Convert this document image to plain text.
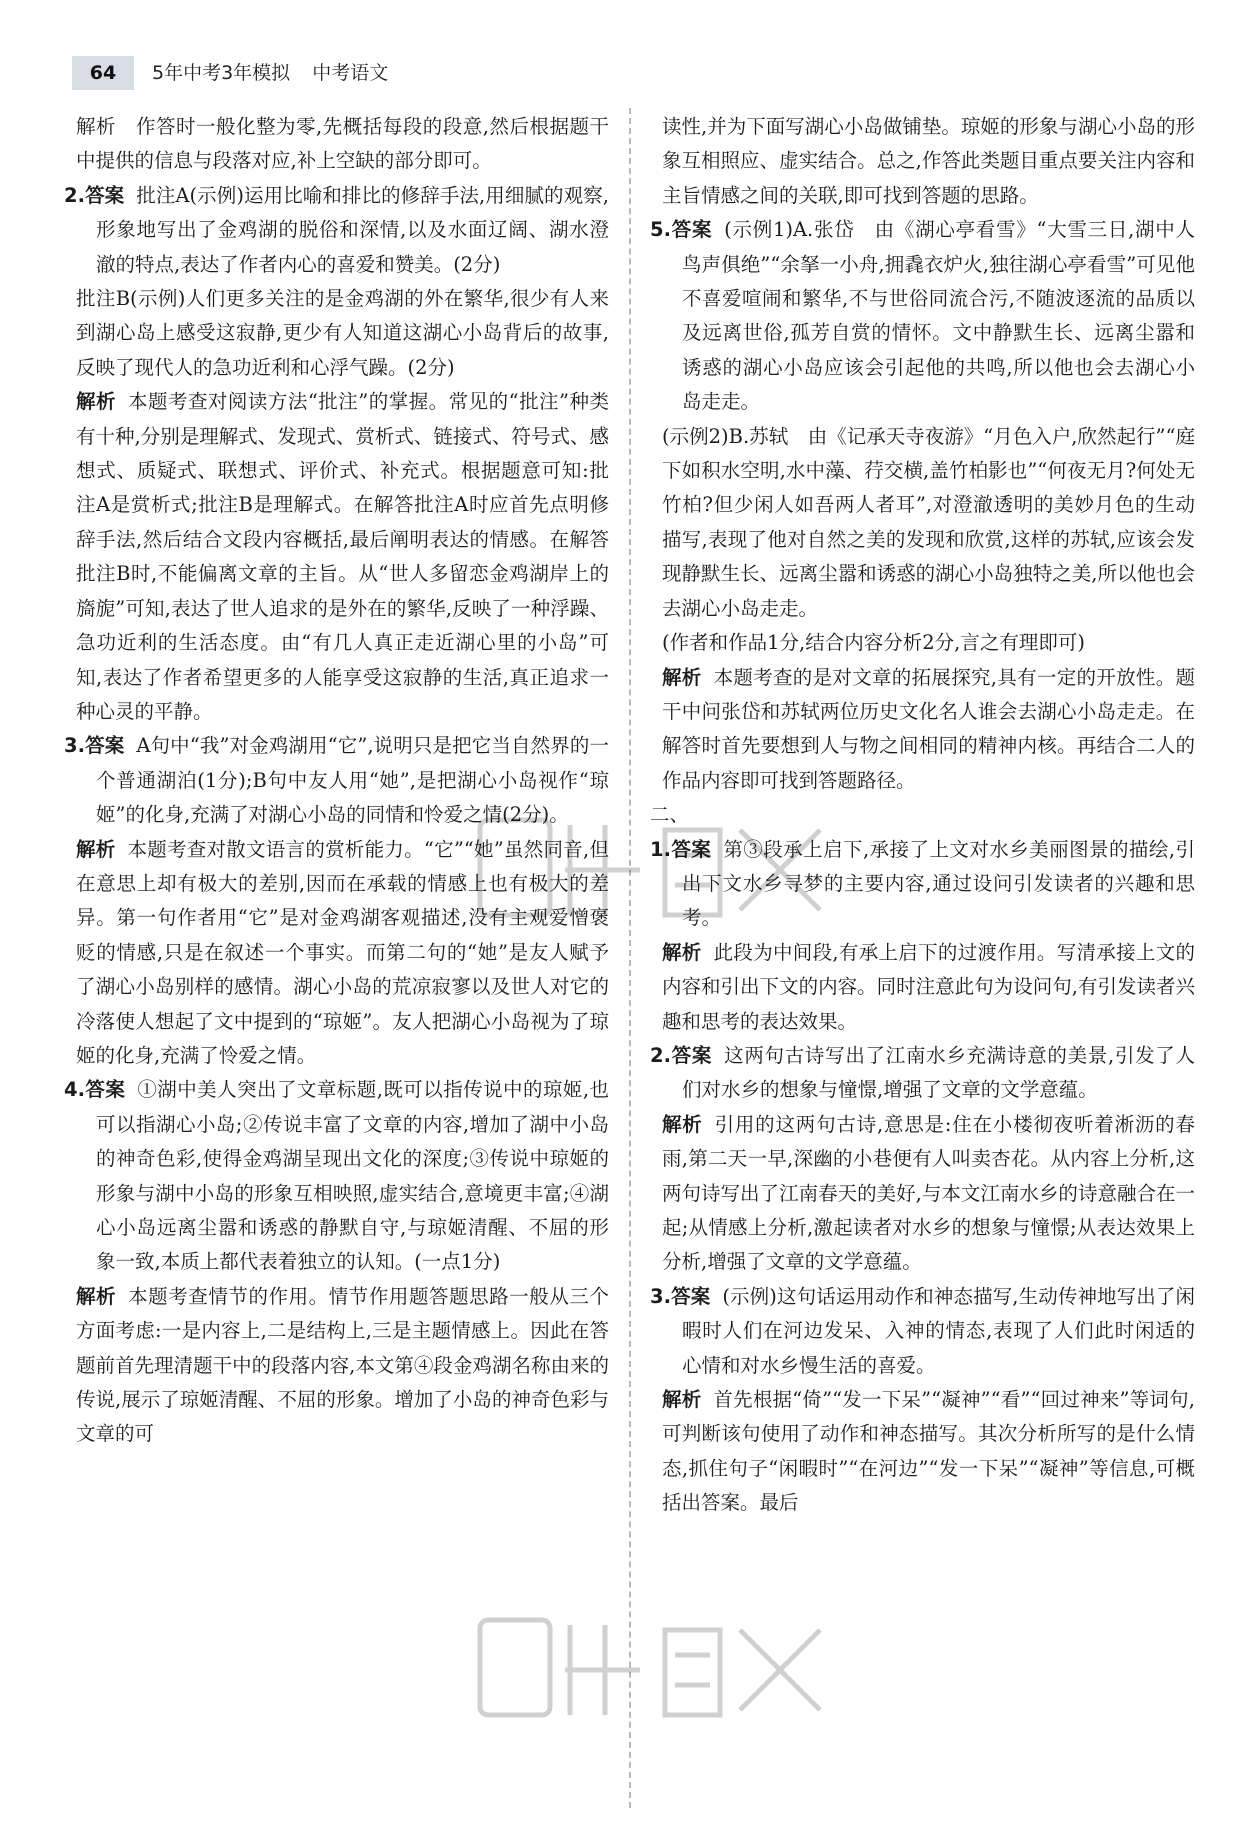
64	5年中考3年模拟 中考语文

解析　作答时一般化整为零,先概括每段的段意,然后根据题干中提供的信息与段落对应,补上空缺的部分即可。

2.答案 批注A(示例)运用比喻和排比的修辞手法,用细腻的观察,形象地写出了金鸡湖的脱俗和深情,以及水面辽阔、湖水澄澈的特点,表达了作者内心的喜爱和赞美。(2分)

批注B(示例)人们更多关注的是金鸡湖的外在繁华,很少有人来到湖心岛上感受这寂静,更少有人知道这湖心小岛背后的故事,反映了现代人的急功近利和心浮气躁。(2分)

解析 本题考查对阅读方法“批注”的掌握。常见的“批注”种类有十种,分别是理解式、发现式、赏析式、链接式、符号式、感想式、质疑式、联想式、评价式、补充式。根据题意可知:批注A是赏析式;批注B是理解式。在解答批注A时应首先点明修辞手法,然后结合文段内容概括,最后阐明表达的情感。在解答批注B时,不能偏离文章的主旨。从“世人多留恋金鸡湖岸上的旖旎”可知,表达了世人追求的是外在的繁华,反映了一种浮躁、急功近利的生活态度。由“有几人真正走近湖心里的小岛”可知,表达了作者希望更多的人能享受这寂静的生活,真正追求一种心灵的平静。

3.答案 A句中“我”对金鸡湖用“它”,说明只是把它当自然界的一个普通湖泊(1分);B句中友人用“她”,是把湖心小岛视作“琼姬”的化身,充满了对湖心小岛的同情和怜爱之情(2分)。

解析 本题考查对散文语言的赏析能力。“它”“她”虽然同音,但在意思上却有极大的差别,因而在承载的情感上也有极大的差异。第一句作者用“它”是对金鸡湖客观描述,没有主观爱憎褒贬的情感,只是在叙述一个事实。而第二句的“她”是友人赋予了湖心小岛别样的感情。湖心小岛的荒凉寂寥以及世人对它的冷落使人想起了文中提到的“琼姬”。友人把湖心小岛视为了琼姬的化身,充满了怜爱之情。

4.答案 ①湖中美人突出了文章标题,既可以指传说中的琼姬,也可以指湖心小岛;②传说丰富了文章的内容,增加了湖中小岛的神奇色彩,使得金鸡湖呈现出文化的深度;③传说中琼姬的形象与湖中小岛的形象互相映照,虚实结合,意境更丰富;④湖心小岛远离尘嚣和诱惑的静默自守,与琼姬清醒、不屈的形象一致,本质上都代表着独立的认知。(一点1分)

解析 本题考查情节的作用。情节作用题答题思路一般从三个方面考虑:一是内容上,二是结构上,三是主题情感上。因此在答题前首先理清题干中的段落内容,本文第④段金鸡湖名称由来的传说,展示了琼姬清醒、不屈的形象。增加了小岛的神奇色彩与文章的可

读性,并为下面写湖心小岛做铺垫。琼姬的形象与湖心小岛的形象互相照应、虚实结合。总之,作答此类题目重点要关注内容和主旨情感之间的关联,即可找到答题的思路。

5.答案 (示例1)A.张岱　由《湖心亭看雪》“大雪三日,湖中人鸟声俱绝”“余拏一小舟,拥毳衣炉火,独往湖心亭看雪”可见他不喜爱喧闹和繁华,不与世俗同流合污,不随波逐流的品质以及远离世俗,孤芳自赏的情怀。文中静默生长、远离尘嚣和诱惑的湖心小岛应该会引起他的共鸣,所以他也会去湖心小岛走走。

(示例2)B.苏轼　由《记承天寺夜游》“月色入户,欣然起行”“庭下如积水空明,水中藻、荇交横,盖竹柏影也”“何夜无月?何处无竹柏?但少闲人如吾两人者耳”,对澄澈透明的美妙月色的生动描写,表现了他对自然之美的发现和欣赏,这样的苏轼,应该会发现静默生长、远离尘嚣和诱惑的湖心小岛独特之美,所以他也会去湖心小岛走走。

(作者和作品1分,结合内容分析2分,言之有理即可)

解析 本题考查的是对文章的拓展探究,具有一定的开放性。题干中问张岱和苏轼两位历史文化名人谁会去湖心小岛走走。在解答时首先要想到人与物之间相同的精神内核。再结合二人的作品内容即可找到答题路径。

二、

1.答案 第③段承上启下,承接了上文对水乡美丽图景的描绘,引出下文水乡寻梦的主要内容,通过设问引发读者的兴趣和思考。

解析 此段为中间段,有承上启下的过渡作用。写清承接上文的内容和引出下文的内容。同时注意此句为设问句,有引发读者兴趣和思考的表达效果。

2.答案 这两句古诗写出了江南水乡充满诗意的美景,引发了人们对水乡的想象与憧憬,增强了文章的文学意蕴。

解析 引用的这两句古诗,意思是:住在小楼彻夜听着淅沥的春雨,第二天一早,深幽的小巷便有人叫卖杏花。从内容上分析,这两句诗写出了江南春天的美好,与本文江南水乡的诗意融合在一起;从情感上分析,激起读者对水乡的想象与憧憬;从表达效果上分析,增强了文章的文学意蕴。

3.答案 (示例)这句话运用动作和神态描写,生动传神地写出了闲暇时人们在河边发呆、入神的情态,表现了人们此时闲适的心情和对水乡慢生活的喜爱。

解析 首先根据“倚”“发一下呆”“凝神”“看”“回过神来”等词句,可判断该句使用了动作和神态描写。其次分析所写的是什么情态,抓住句子“闲暇时”“在河边”“发一下呆”“凝神”等信息,可概括出答案。最后
